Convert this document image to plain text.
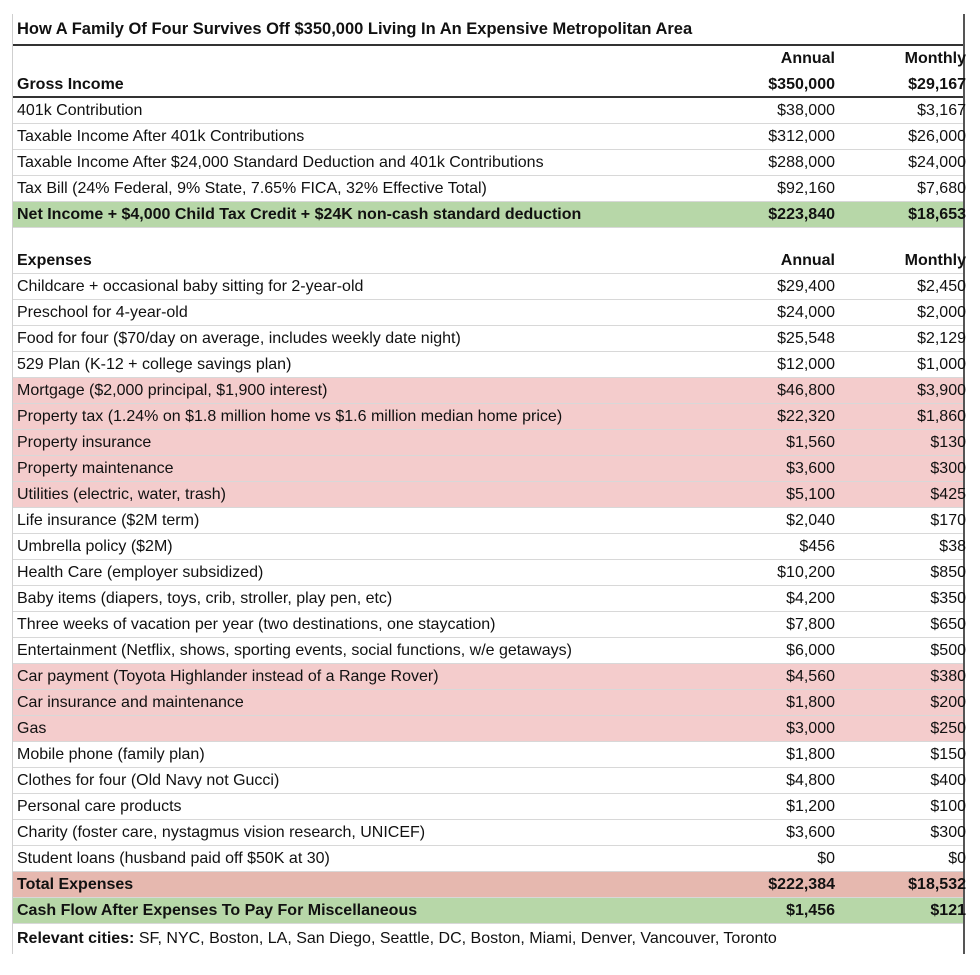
How A Family Of Four Survives Off $350,000 Living In An Expensive Metropolitan Area
Annual	Monthly
Gross Income	$350,000	$29,167
401k Contribution	$38,000	$3,167
Taxable Income After 401k Contributions	$312,000	$26,000
Taxable Income After $24,000 Standard Deduction and 401k Contributions	$288,000	$24,000
Tax Bill (24% Federal, 9% State, 7.65% FICA, 32% Effective Total)	$92,160	$7,680
Net Income + $4,000 Child Tax Credit + $24K non-cash standard deduction	$223,840	$18,653
Expenses	Annual	Monthly
Childcare + occasional baby sitting for 2-year-old	$29,400	$2,450
Preschool for 4-year-old	$24,000	$2,000
Food for four ($70/day on average, includes weekly date night)	$25,548	$2,129
529 Plan (K-12 + college savings plan)	$12,000	$1,000
Mortgage ($2,000 principal, $1,900 interest)	$46,800	$3,900
Property tax (1.24% on $1.8 million home vs $1.6 million median home price)	$22,320	$1,860
Property insurance	$1,560	$130
Property maintenance	$3,600	$300
Utilities (electric, water, trash)	$5,100	$425
Life insurance ($2M term)	$2,040	$170
Umbrella policy ($2M)	$456	$38
Health Care (employer subsidized)	$10,200	$850
Baby items (diapers, toys, crib, stroller, play pen, etc)	$4,200	$350
Three weeks of vacation per year (two destinations, one staycation)	$7,800	$650
Entertainment (Netflix, shows, sporting events, social functions, w/e getaways)	$6,000	$500
Car payment (Toyota Highlander instead of a Range Rover)	$4,560	$380
Car insurance and maintenance	$1,800	$200
Gas	$3,000	$250
Mobile phone (family plan)	$1,800	$150
Clothes for four (Old Navy not Gucci)	$4,800	$400
Personal care products	$1,200	$100
Charity (foster care, nystagmus vision research, UNICEF)	$3,600	$300
Student loans (husband paid off $50K at 30)	$0	$0
Total Expenses	$222,384	$18,532
Cash Flow After Expenses To Pay For Miscellaneous	$1,456	$121
Relevant cities: SF, NYC, Boston, LA, San Diego, Seattle, DC, Boston, Miami, Denver, Vancouver, Toronto
